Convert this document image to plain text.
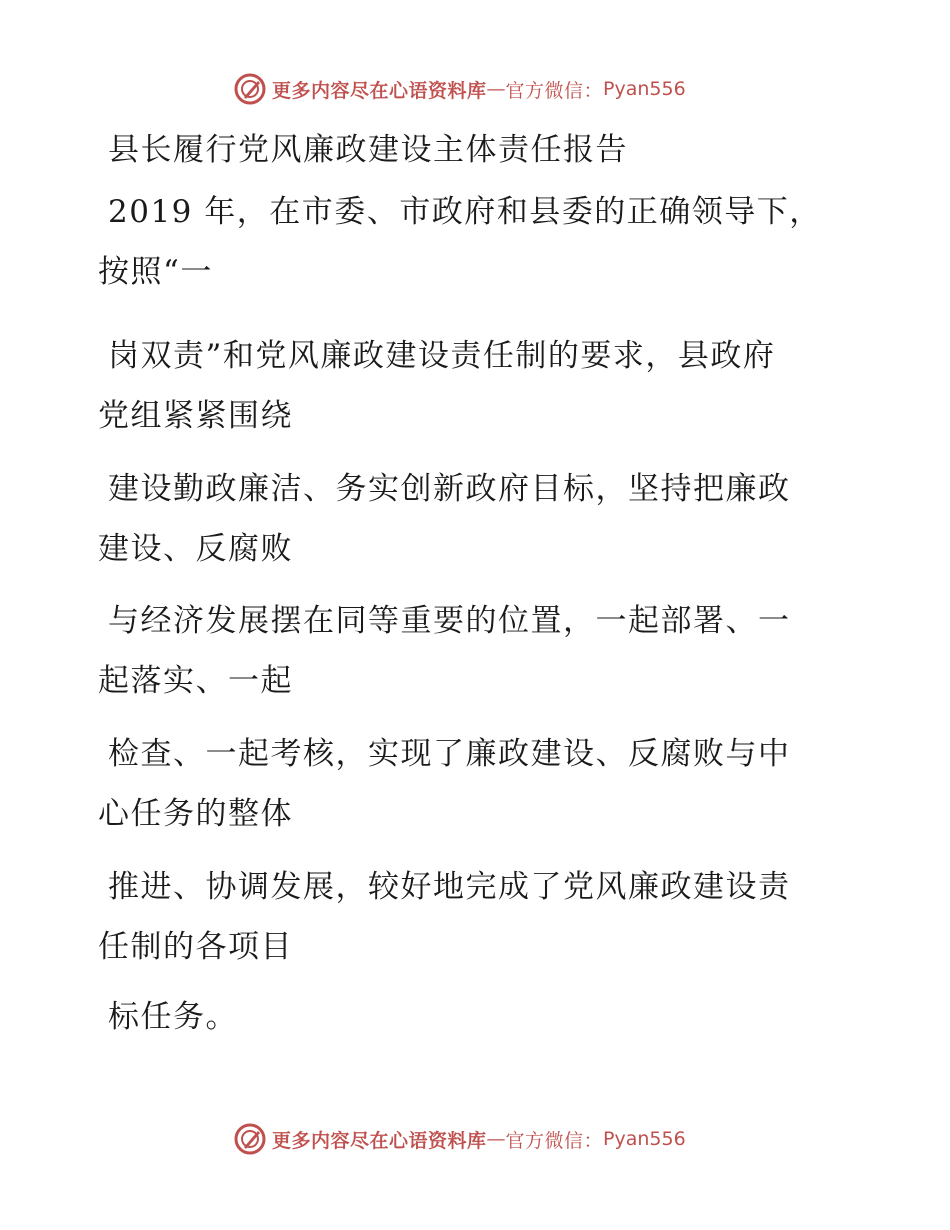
更多内容尽在心语资料库 — 官方微信： Pyan556
县长履行党风廉政建设主体责任报告
2019 年，在市委、市政府和县委的正确领导下，
按照“一
岗双责”和党风廉政建设责任制的要求，县政府
党组紧紧围绕
建设勤政廉洁、务实创新政府目标，坚持把廉政
建设、反腐败
与经济发展摆在同等重要的位置，一起部署、一
起落实、一起
检查、一起考核，实现了廉政建设、反腐败与中
心任务的整体
推进、协调发展，较好地完成了党风廉政建设责
任制的各项目
标任务。
更多内容尽在心语资料库 — 官方微信： Pyan556
